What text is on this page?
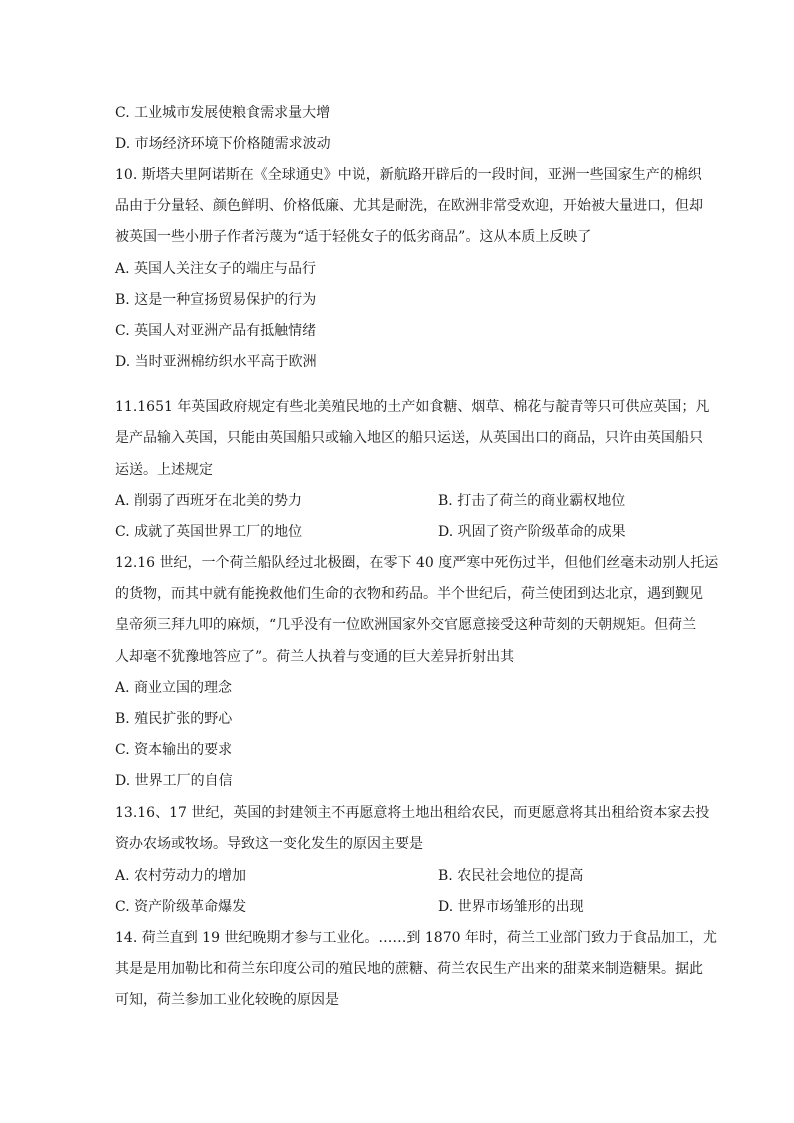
C. 工业城市发展使粮食需求量大增
D. 市场经济环境下价格随需求波动
10. 斯塔夫里阿诺斯在《全球通史》中说，新航路开辟后的一段时间，亚洲一些国家生产的棉织
品由于分量轻、颜色鲜明、价格低廉、尤其是耐洗，在欧洲非常受欢迎，开始被大量进口，但却
被英国一些小册子作者污蔑为“适于轻佻女子的低劣商品”。这从本质上反映了
A. 英国人关注女子的端庄与品行
B. 这是一种宣扬贸易保护的行为
C. 英国人对亚洲产品有抵触情绪
D. 当时亚洲棉纺织水平高于欧洲
11.1651 年英国政府规定有些北美殖民地的土产如食糖、烟草、棉花与靛青等只可供应英国；凡
是产品输入英国，只能由英国船只或输入地区的船只运送，从英国出口的商品，只许由英国船只
运送。上述规定
A. 削弱了西班牙在北美的势力	B. 打击了荷兰的商业霸权地位
C. 成就了英国世界工厂的地位	D. 巩固了资产阶级革命的成果
12.16 世纪，一个荷兰船队经过北极圈，在零下 40 度严寒中死伤过半，但他们丝毫未动别人托运
的货物，而其中就有能挽救他们生命的衣物和药品。半个世纪后，荷兰使团到达北京，遇到觐见
皇帝须三拜九叩的麻烦，“几乎没有一位欧洲国家外交官愿意接受这种苛刻的天朝规矩。但荷兰
人却毫不犹豫地答应了”。荷兰人执着与变通的巨大差异折射出其
A. 商业立国的理念
B. 殖民扩张的野心
C. 资本输出的要求
D. 世界工厂的自信
13.16、17 世纪，英国的封建领主不再愿意将土地出租给农民，而更愿意将其出租给资本家去投
资办农场或牧场。导致这一变化发生的原因主要是
A. 农村劳动力的增加	B. 农民社会地位的提高
C. 资产阶级革命爆发	D. 世界市场雏形的出现
14. 荷兰直到 19 世纪晚期才参与工业化。……到 1870 年时，荷兰工业部门致力于食品加工，尤
其是是用加勒比和荷兰东印度公司的殖民地的蔗糖、荷兰农民生产出来的甜菜来制造糖果。据此
可知，荷兰参加工业化较晚的原因是
